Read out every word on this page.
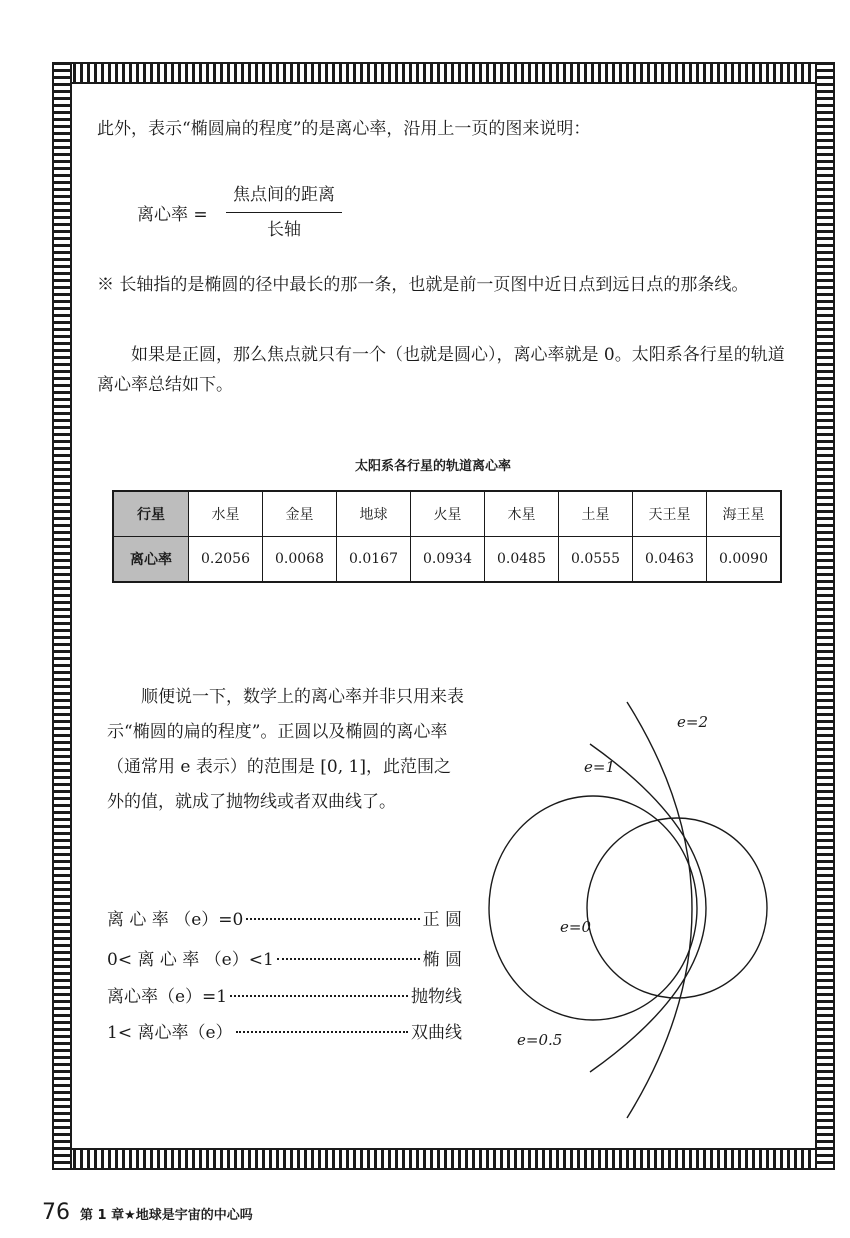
此外，表示“椭圆扁的程度”的是离心率，沿用上一页的图来说明：
离心率 =
焦点间的距离
长轴
※ 长轴指的是椭圆的径中最长的那一条，也就是前一页图中近日点到远日点的那条线。
如果是正圆，那么焦点就只有一个（也就是圆心），离心率就是 0。太阳系各行星的轨道离心率总结如下。
太阳系各行星的轨道离心率
行星	水星	金星	地球	火星	木星	土星	天王星	海王星
离心率	0.2056	0.0068	0.0167	0.0934	0.0485	0.0555	0.0463	0.0090
顺便说一下，数学上的离心率并非只用来表示“椭圆的扁的程度”。正圆以及椭圆的离心率（通常用 e 表示）的范围是 [0, 1]，此范围之外的值，就成了抛物线或者双曲线了。
离 心 率 （e）=0	正 圆
0< 离 心 率 （e）<1	椭 圆
离心率（e）=1	抛物线
1< 离心率（e）	双曲线
e=2
e=1
e=0
e=0.5
76 第 1 章★地球是宇宙的中心吗
